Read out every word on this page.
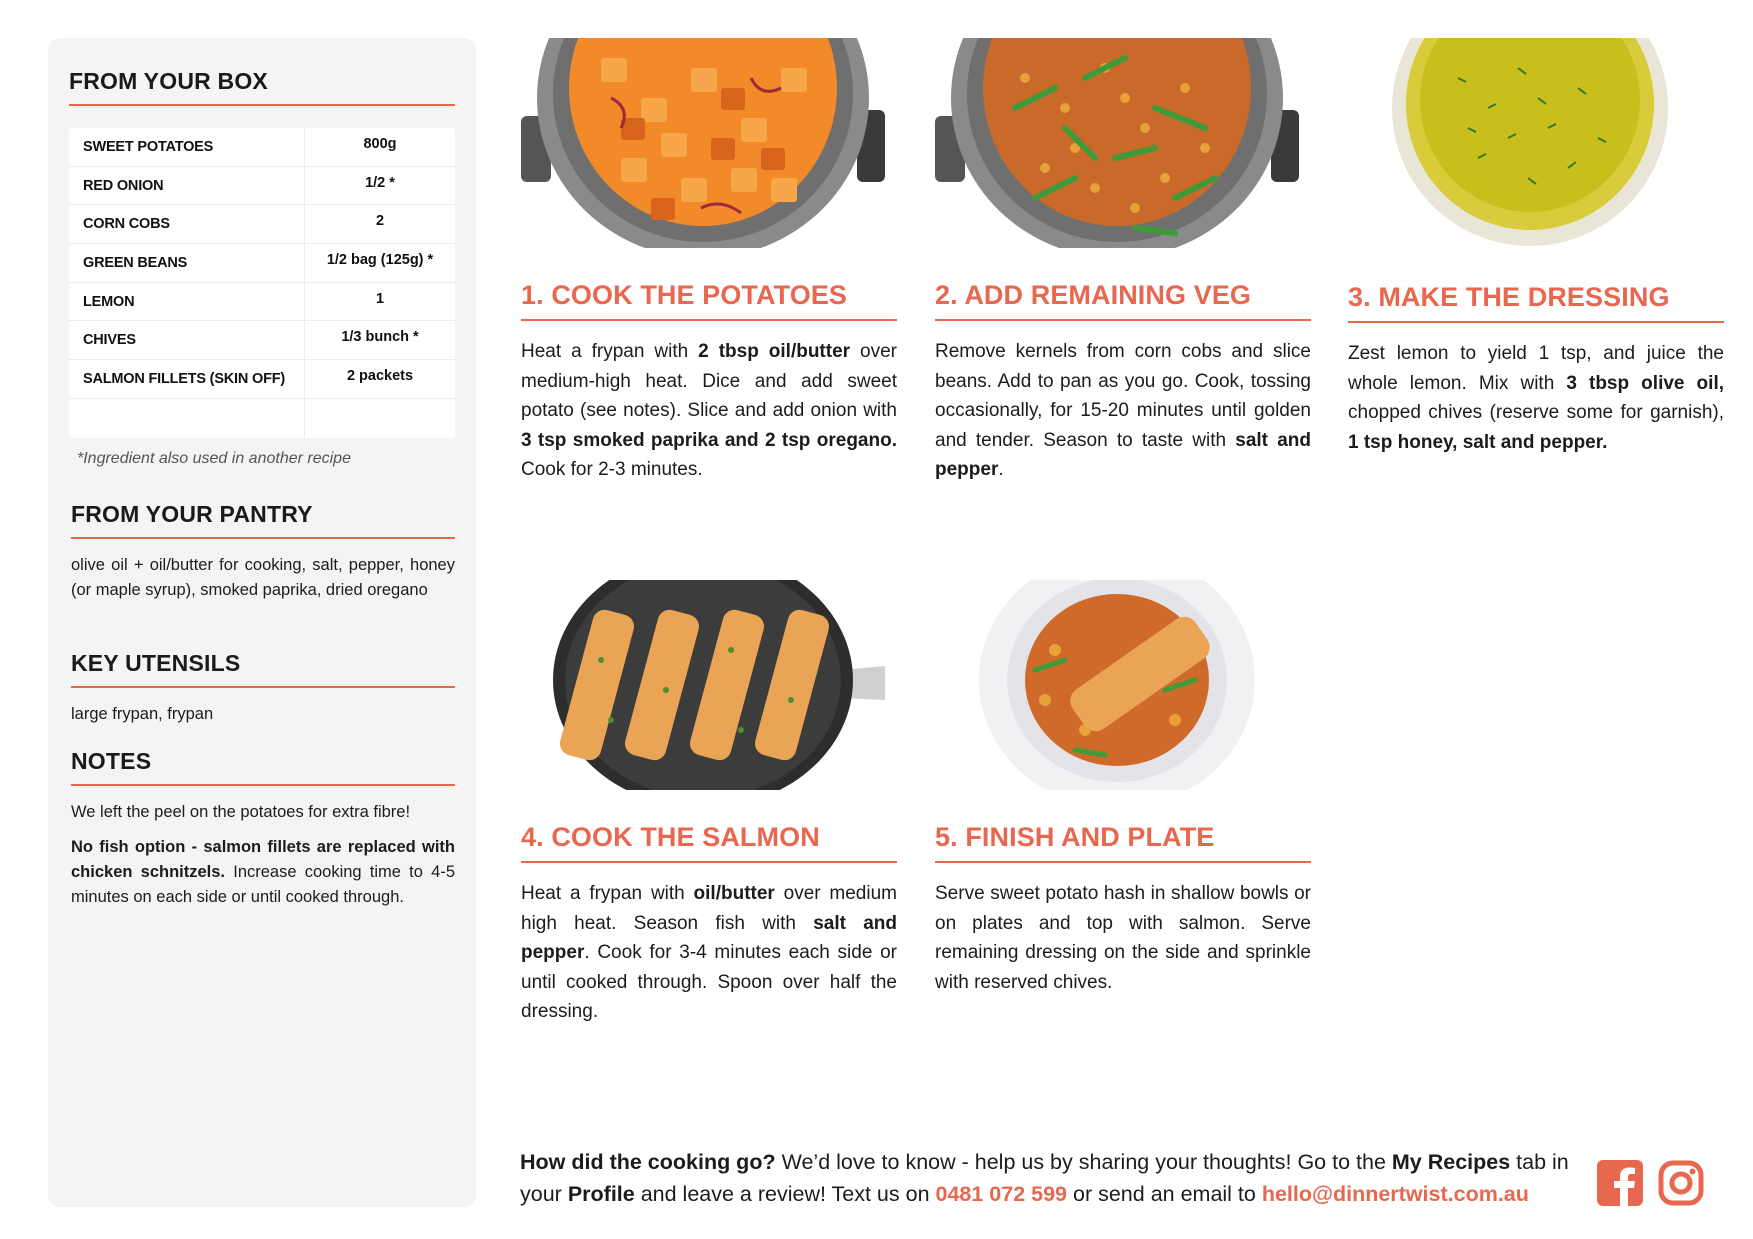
FROM YOUR BOX
SWEET POTATOES	800g
RED ONION	1/2 *
CORN COBS	2
GREEN BEANS	1/2 bag (125g) *
LEMON	1
CHIVES	1/3 bunch *
SALMON FILLETS (SKIN OFF)	2 packets

*Ingredient also used in another recipe

FROM YOUR PANTRY

olive oil + oil/butter for cooking, salt, pepper, honey (or maple syrup), smoked paprika, dried oregano

KEY UTENSILS

large frypan, frypan

NOTES

We left the peel on the potatoes for extra fibre!

No fish option - salmon fillets are replaced with chicken schnitzels. Increase cooking time to 4-5 minutes on each side or until cooked through.

1. COOK THE POTATOES

Heat a frypan with 2 tbsp oil/butter over medium-high heat. Dice and add sweet potato (see notes). Slice and add onion with 3 tsp smoked paprika and 2 tsp oregano. Cook for 2-3 minutes.

2. ADD REMAINING VEG

Remove kernels from corn cobs and slice beans. Add to pan as you go. Cook, tossing occasionally, for 15-20 minutes until golden and tender. Season to taste with salt and pepper.

3. MAKE THE DRESSING

Zest lemon to yield 1 tsp, and juice the whole lemon. Mix with 3 tbsp olive oil, chopped chives (reserve some for garnish), 1 tsp honey, salt and pepper.

4. COOK THE SALMON

Heat a frypan with oil/butter over medium high heat. Season fish with salt and pepper. Cook for 3-4 minutes each side or until cooked through. Spoon over half the dressing.

5. FINISH AND PLATE

Serve sweet potato hash in shallow bowls or on plates and top with salmon. Serve remaining dressing on the side and sprinkle with reserved chives.

How did the cooking go? We’d love to know - help us by sharing your thoughts! Go to the My Recipes tab in your Profile and leave a review! Text us on 0481 072 599 or send an email to hello@dinnertwist.com.au
